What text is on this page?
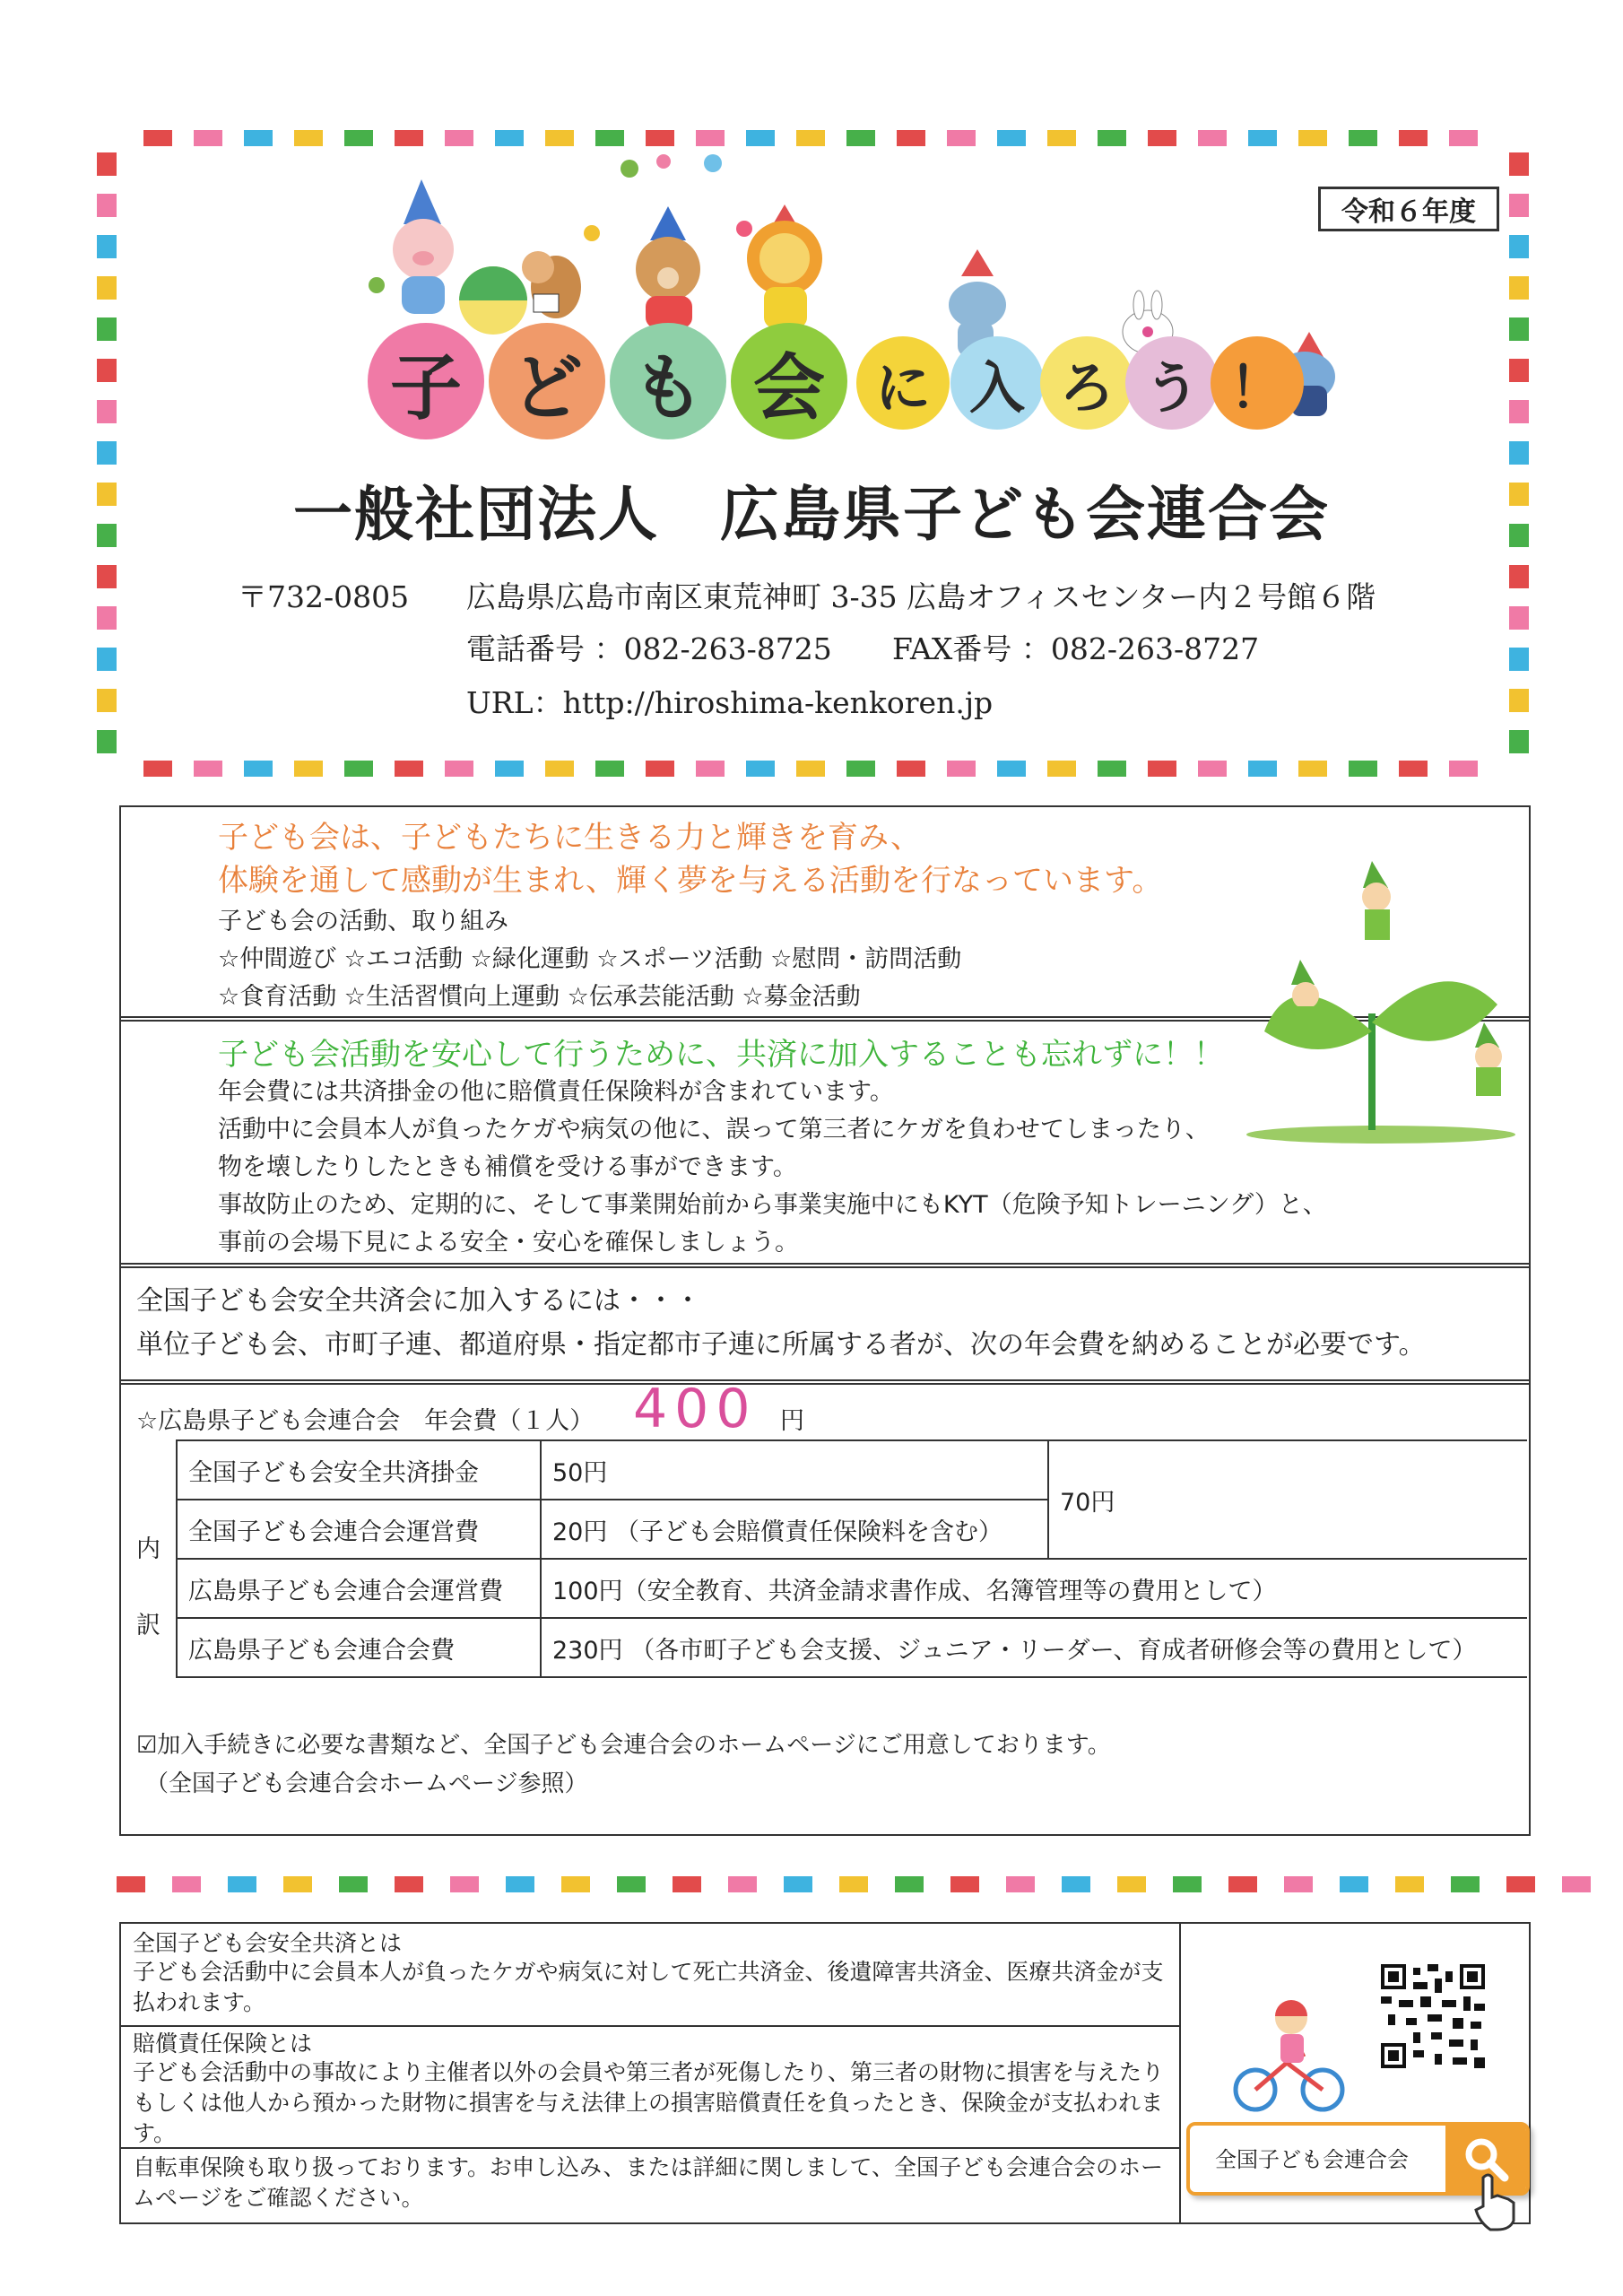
令和６年度
子 ど も 会 に 入 ろ う ！
一般社団法人　広島県子ども会連合会
〒732-0805 広島県広島市南区東荒神町 3-35 広島オフィスセンター内２号館６階
電話番号 ：082-263-8725 FAX番号 ：082-263-8727
URL：http://hiroshima-kenkoren.jp
子ども会は、子どもたちに生きる力と輝きを育み、
体験を通して感動が生まれ、輝く夢を与える活動を行なっています。
子ども会の活動、取り組み
☆仲間遊び ☆エコ活動 ☆緑化運動 ☆スポーツ活動 ☆慰問・訪問活動
☆食育活動 ☆生活習慣向上運動 ☆伝承芸能活動 ☆募金活動
子ども会活動を安心して行うために、共済に加入することも忘れずに！！
年会費には共済掛金の他に賠償責任保険料が含まれています。
活動中に会員本人が負ったケガや病気の他に、誤って第三者にケガを負わせてしまったり、
物を壊したりしたときも補償を受ける事ができます。
事故防止のため、定期的に、そして事業開始前から事業実施中にもKYT（危険予知トレーニング）と、
事前の会場下見による安全・安心を確保しましょう。
全国子ども会安全共済会に加入するには・・・
単位子ども会、市町子連、都道府県・指定都市子連に所属する者が、次の年会費を納めることが必要です。
☆広島県子ども会連合会　年会費（１人） 400 円
内
訳
全国子ども会安全共済掛金	50円	70円
全国子ども会連合会運営費	20円 （子ども会賠償責任保険料を含む）	
広島県子ども会連合会運営費	100円（安全教育、共済金請求書作成、名簿管理等の費用として）	
広島県子ども会連合会費	230円 （各市町子ども会支援、ジュニア・リーダー、育成者研修会等の費用として）	
☑加入手続きに必要な書類など、全国子ども会連合会のホームページにご用意しております。
（全国子ども会連合会ホームページ参照）
全国子ども会安全共済とは
子ども会活動中に会員本人が負ったケガや病気に対して死亡共済金、後遺障害共済金、医療共済金が支払われます。
賠償責任保険とは
子ども会活動中の事故により主催者以外の会員や第三者が死傷したり、第三者の財物に損害を与えたりもしくは他人から預かった財物に損害を与え法律上の損害賠償責任を負ったとき、保険金が支払われます。
自転車保険も取り扱っております。お申し込み、または詳細に関しまして、全国子ども会連合会のホームページをご確認ください。
全国子ども会連合会
